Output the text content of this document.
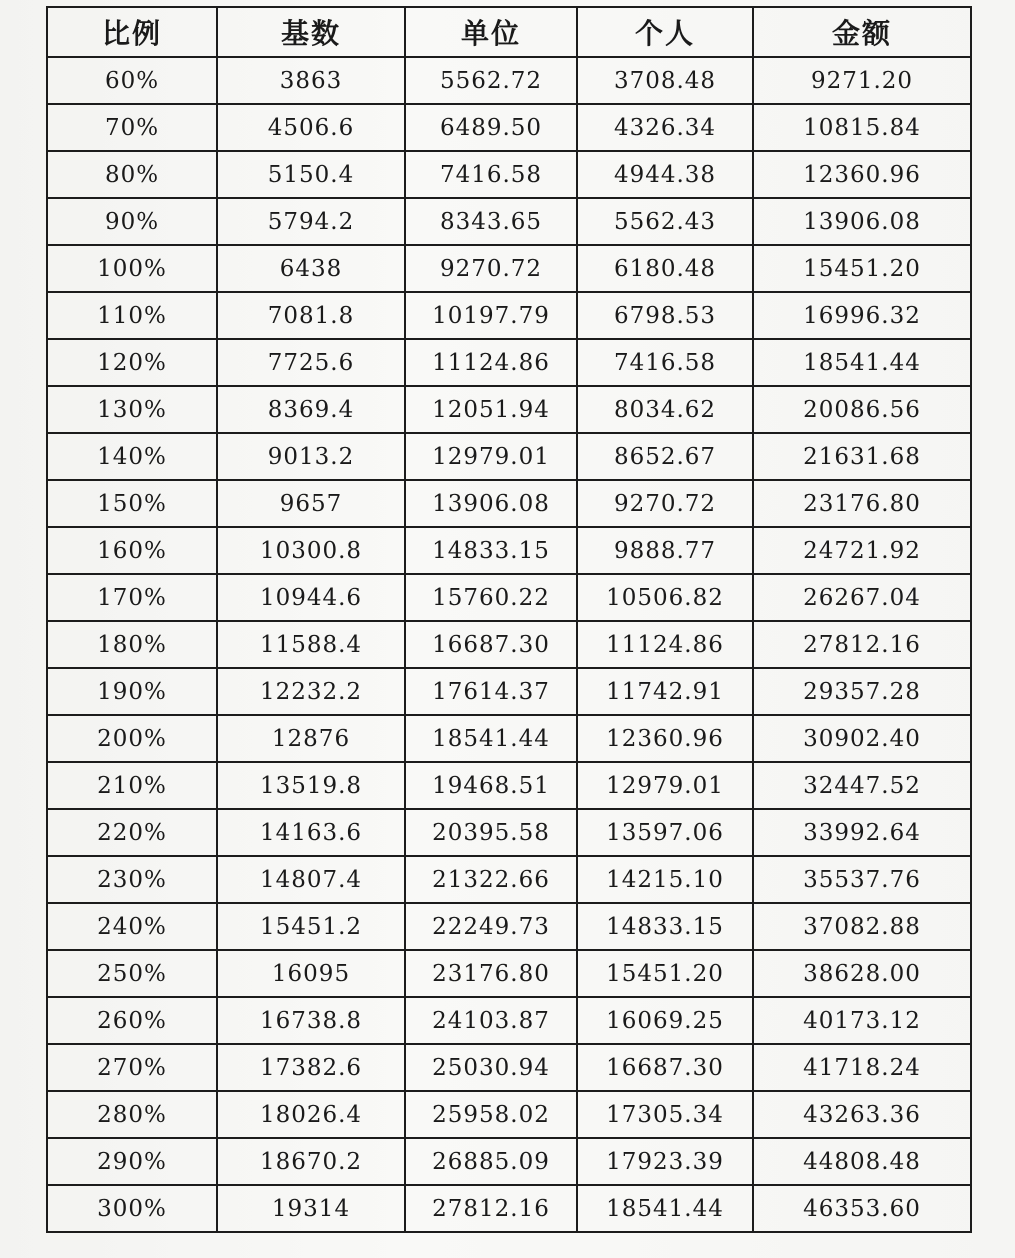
比例	基数	单位	个人	金额
60%	3863	5562.72	3708.48	9271.20
70%	4506.6	6489.50	4326.34	10815.84
80%	5150.4	7416.58	4944.38	12360.96
90%	5794.2	8343.65	5562.43	13906.08
100%	6438	9270.72	6180.48	15451.20
110%	7081.8	10197.79	6798.53	16996.32
120%	7725.6	11124.86	7416.58	18541.44
130%	8369.4	12051.94	8034.62	20086.56
140%	9013.2	12979.01	8652.67	21631.68
150%	9657	13906.08	9270.72	23176.80
160%	10300.8	14833.15	9888.77	24721.92
170%	10944.6	15760.22	10506.82	26267.04
180%	11588.4	16687.30	11124.86	27812.16
190%	12232.2	17614.37	11742.91	29357.28
200%	12876	18541.44	12360.96	30902.40
210%	13519.8	19468.51	12979.01	32447.52
220%	14163.6	20395.58	13597.06	33992.64
230%	14807.4	21322.66	14215.10	35537.76
240%	15451.2	22249.73	14833.15	37082.88
250%	16095	23176.80	15451.20	38628.00
260%	16738.8	24103.87	16069.25	40173.12
270%	17382.6	25030.94	16687.30	41718.24
280%	18026.4	25958.02	17305.34	43263.36
290%	18670.2	26885.09	17923.39	44808.48
300%	19314	27812.16	18541.44	46353.60
